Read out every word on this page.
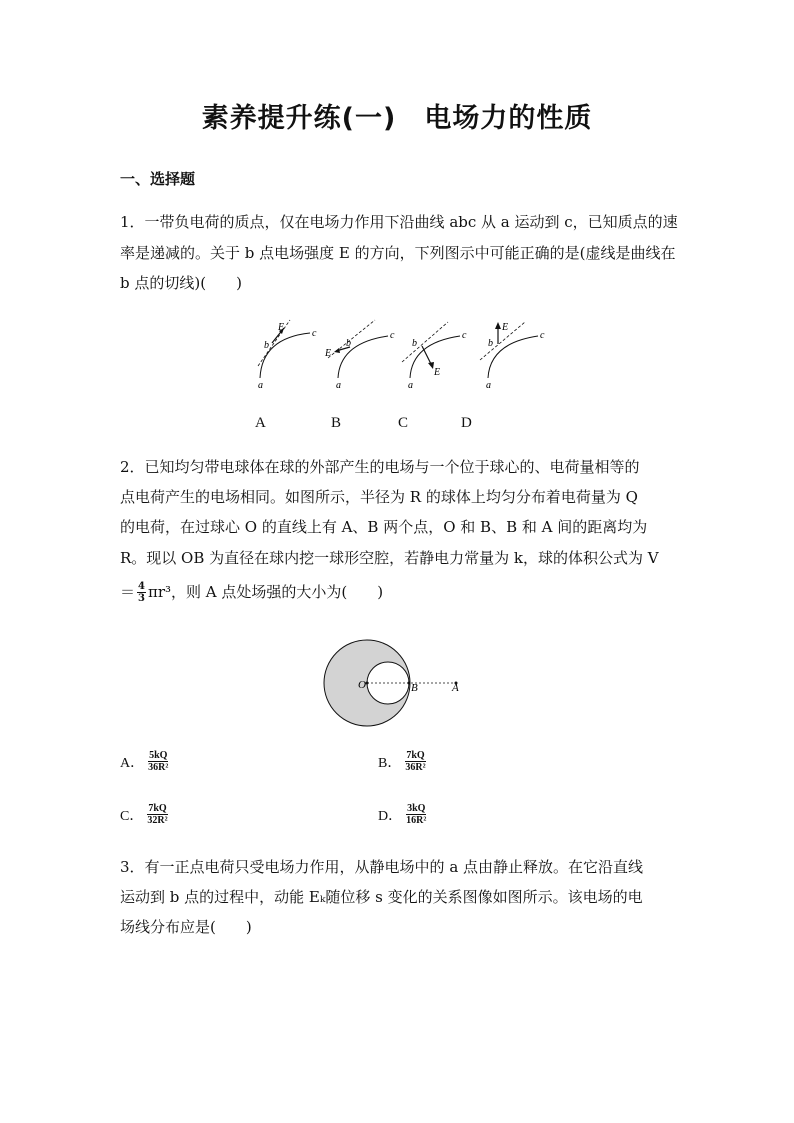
素养提升练(一)　电场力的性质
一、选择题
1．一带负电荷的质点，仅在电场力作用下沿曲线 abc 从 a 运动到 c，已知质点的速率是递减的。关于 b 点电场强度 E 的方向，下列图示中可能正确的是(虚线是曲线在 b 点的切线)(　　)
a
b
c
E
a
b
c
E
a
b
c
E
a
b
c
E
A	B	C	D
2．已知均匀带电球体在球的外部产生的电场与一个位于球心的、电荷量相等的
点电荷产生的电场相同。如图所示，半径为 R 的球体上均匀分布着电荷量为 Q
的电荷，在过球心 O 的直线上有 A、B 两个点，O 和 B、B 和 A 间的距离均为
R。现以 OB 为直径在球内挖一球形空腔，若静电力常量为 k，球的体积公式为 V
＝ $\frac{4}{3} \pi r^3$，则 A 点处场强的大小为(　　)
O	B	A
A． $\frac{5kQ}{\text{36R²}}$	B． $\frac{7kQ}{\text{36R²}}$
C． $\frac{7kQ}{\text{32R²}}$	D． $\frac{3kQ}{\text{16R²}}$
3．有一正点电荷只受电场力作用，从静电场中的 a 点由静止释放。在它沿直线
运动到 b 点的过程中，动能 Eₖ随位移 s 变化的关系图像如图所示。该电场的电
场线分布应是(　　)
